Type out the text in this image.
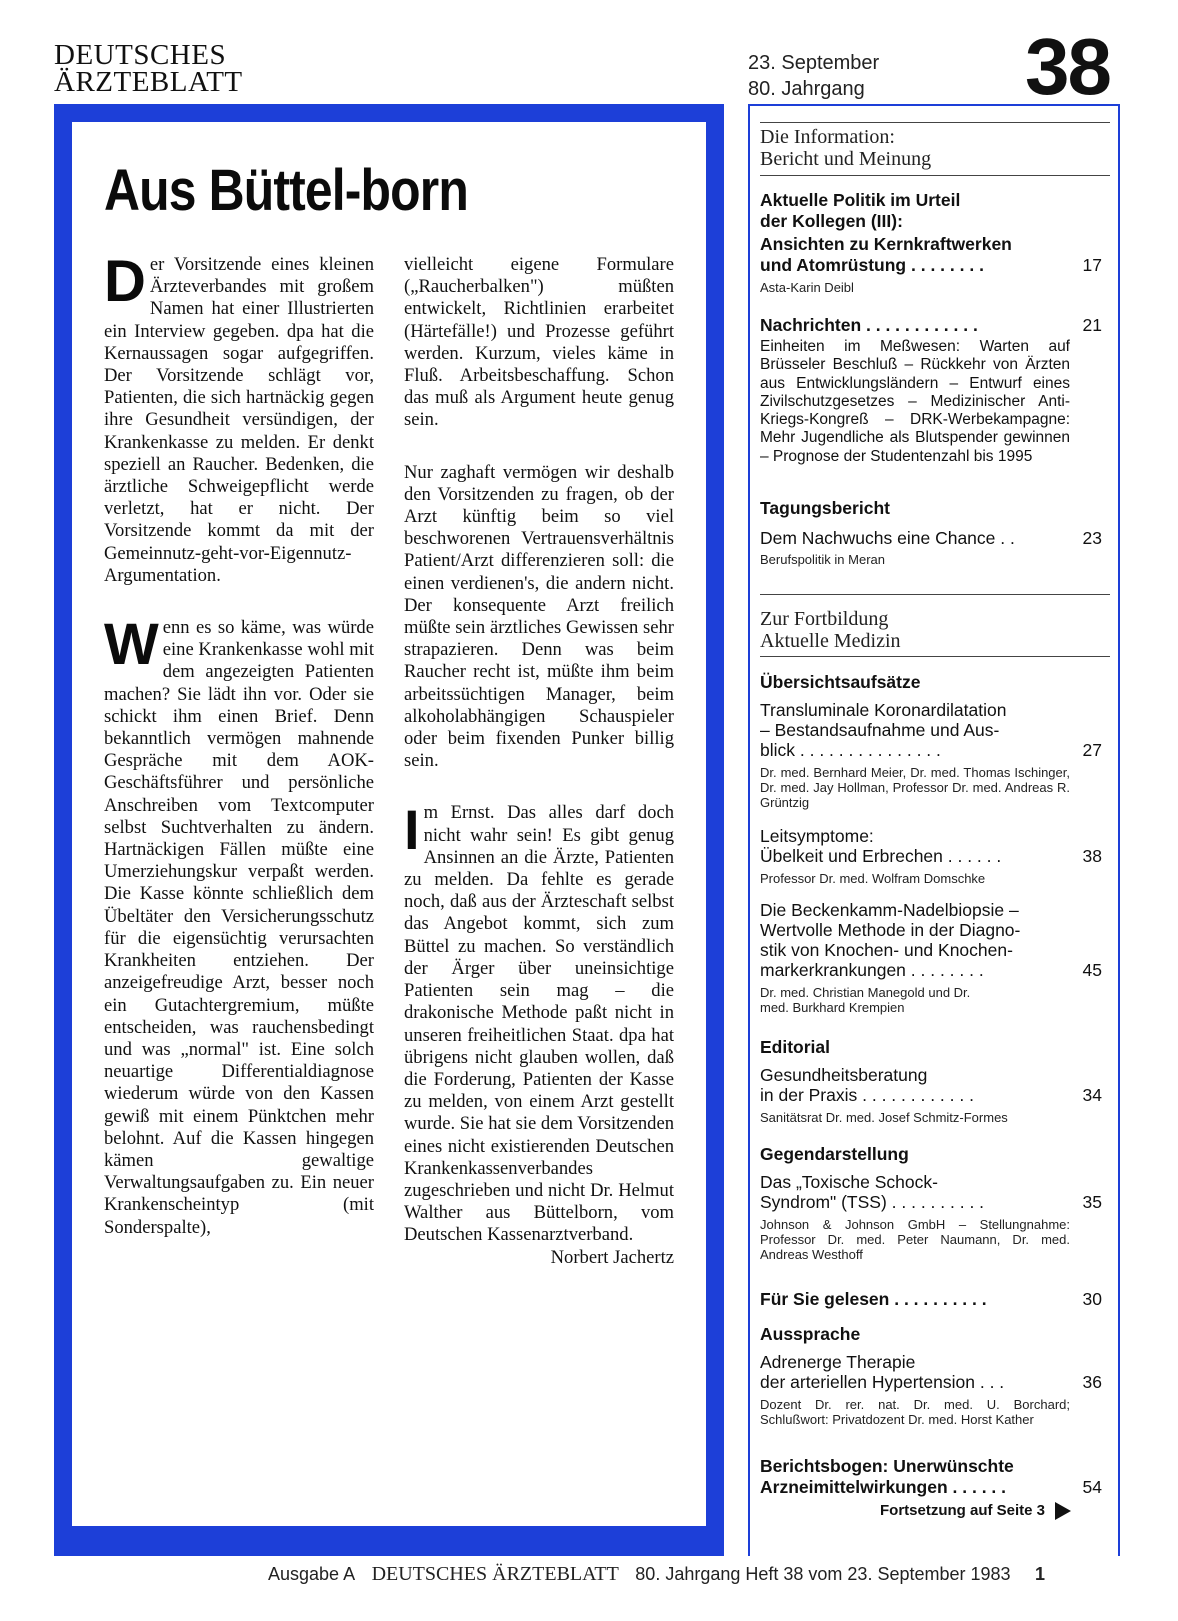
DEUTSCHES
ÄRZTEBLATT
23. September
80. Jahrgang 38
Aus Büttel-born

Der Vorsitzende eines kleinen Ärzteverbandes mit großem Namen hat einer Illustrierten ein Interview gegeben. dpa hat die Kernaussagen sogar aufgegriffen. Der Vorsitzende schlägt vor, Patienten, die sich hartnäckig gegen ihre Gesundheit versündigen, der Krankenkasse zu melden. Er denkt speziell an Raucher. Bedenken, die ärztliche Schweigepflicht werde verletzt, hat er nicht. Der Vorsitzende kommt da mit der Gemeinnutz-geht-vor-Eigennutz-Argumentation.

Wenn es so käme, was würde eine Krankenkasse wohl mit dem angezeigten Patienten machen? Sie lädt ihn vor. Oder sie schickt ihm einen Brief. Denn bekanntlich vermögen mahnende Gespräche mit dem AOK-Geschäftsführer und persönliche Anschreiben vom Textcomputer selbst Suchtverhalten zu ändern. Hartnäckigen Fällen müßte eine Umerziehungskur verpaßt werden. Die Kasse könnte schließlich dem Übeltäter den Versicherungsschutz für die eigensüchtig verursachten Krankheiten entziehen. Der anzeigefreudige Arzt, besser noch ein Gutachtergremium, müßte entscheiden, was rauchensbedingt und was „normal" ist. Eine solch neuartige Differentialdiagnose wiederum würde von den Kassen gewiß mit einem Pünktchen mehr belohnt. Auf die Kassen hingegen kämen gewaltige Verwaltungsaufgaben zu. Ein neuer Krankenscheintyp (mit Sonderspalte),

vielleicht eigene Formulare („Raucherbalken") müßten entwickelt, Richtlinien erarbeitet (Härtefälle!) und Prozesse geführt werden. Kurzum, vieles käme in Fluß. Arbeitsbeschaffung. Schon das muß als Argument heute genug sein.

Nur zaghaft vermögen wir deshalb den Vorsitzenden zu fragen, ob der Arzt künftig beim so viel beschworenen Vertrauensverhältnis Patient/Arzt differenzieren soll: die einen verdienen's, die andern nicht. Der konsequente Arzt freilich müßte sein ärztliches Gewissen sehr strapazieren. Denn was beim Raucher recht ist, müßte ihm beim arbeitssüchtigen Manager, beim alkoholabhängigen Schauspieler oder beim fixenden Punker billig sein.

Im Ernst. Das alles darf doch nicht wahr sein! Es gibt genug Ansinnen an die Ärzte, Patienten zu melden. Da fehlte es gerade noch, daß aus der Ärzteschaft selbst das Angebot kommt, sich zum Büttel zu machen. So verständlich der Ärger über uneinsichtige Patienten sein mag – die drakonische Methode paßt nicht in unseren freiheitlichen Staat. dpa hat übrigens nicht glauben wollen, daß die Forderung, Patienten der Kasse zu melden, von einem Arzt gestellt wurde. Sie hat sie dem Vorsitzenden eines nicht existierenden Deutschen Krankenkassenverbandes zugeschrieben und nicht Dr. Helmut Walther aus Büttelborn, vom Deutschen Kassenarztverband.

Norbert Jachertz
Die Information:
Bericht und Meinung
Aktuelle Politik im Urteil
der Kollegen (III):
Ansichten zu Kernkraftwerken
und Atomrüstung . . . . . . . .	17
Asta-Karin Deibl
Nachrichten . . . . . . . . . . . .	21
Einheiten im Meßwesen: Warten auf Brüsseler Beschluß – Rückkehr von Ärzten aus Entwicklungsländern – Entwurf eines Zivilschutzgesetzes – Medizinischer Anti-Kriegs-Kongreß – DRK-Werbekampagne: Mehr Jugendliche als Blutspender gewinnen – Prognose der Studentenzahl bis 1995
Tagungsbericht
Dem Nachwuchs eine Chance . .	23
Berufspolitik in Meran
Zur Fortbildung
Aktuelle Medizin
Übersichtsaufsätze
Transluminale Koronardilatation
– Bestandsaufnahme und Aus-
blick . . . . . . . . . . . . . . .	27
Dr. med. Bernhard Meier, Dr. med. Thomas Ischinger, Dr. med. Jay Hollman, Professor Dr. med. Andreas R. Grüntzig
Leitsymptome:
Übelkeit und Erbrechen . . . . . .	38
Professor Dr. med. Wolfram Domschke
Die Beckenkamm-Nadelbiopsie –
Wertvolle Methode in der Diagno-
stik von Knochen- und Knochen-
markerkrankungen . . . . . . . .	45
Dr. med. Christian Manegold und Dr. med. Burkhard Krempien
Editorial
Gesundheitsberatung
in der Praxis . . . . . . . . . . . .	34
Sanitätsrat Dr. med. Josef Schmitz-Formes
Gegendarstellung
Das „Toxische Schock-
Syndrom" (TSS) . . . . . . . . . .	35
Johnson & Johnson GmbH – Stellungnahme: Professor Dr. med. Peter Naumann, Dr. med. Andreas Westhoff
Für Sie gelesen . . . . . . . . . .	30
Aussprache
Adrenerge Therapie
der arteriellen Hypertension . . .	36
Dozent Dr. rer. nat. Dr. med. U. Borchard; Schlußwort: Privatdozent Dr. med. Horst Kather
Berichtsbogen: Unerwünschte
Arzneimittelwirkungen . . . . . .	54
Fortsetzung auf Seite 3
Ausgabe A DEUTSCHES ÄRZTEBLATT 80. Jahrgang Heft 38 vom 23. September 1983 1
